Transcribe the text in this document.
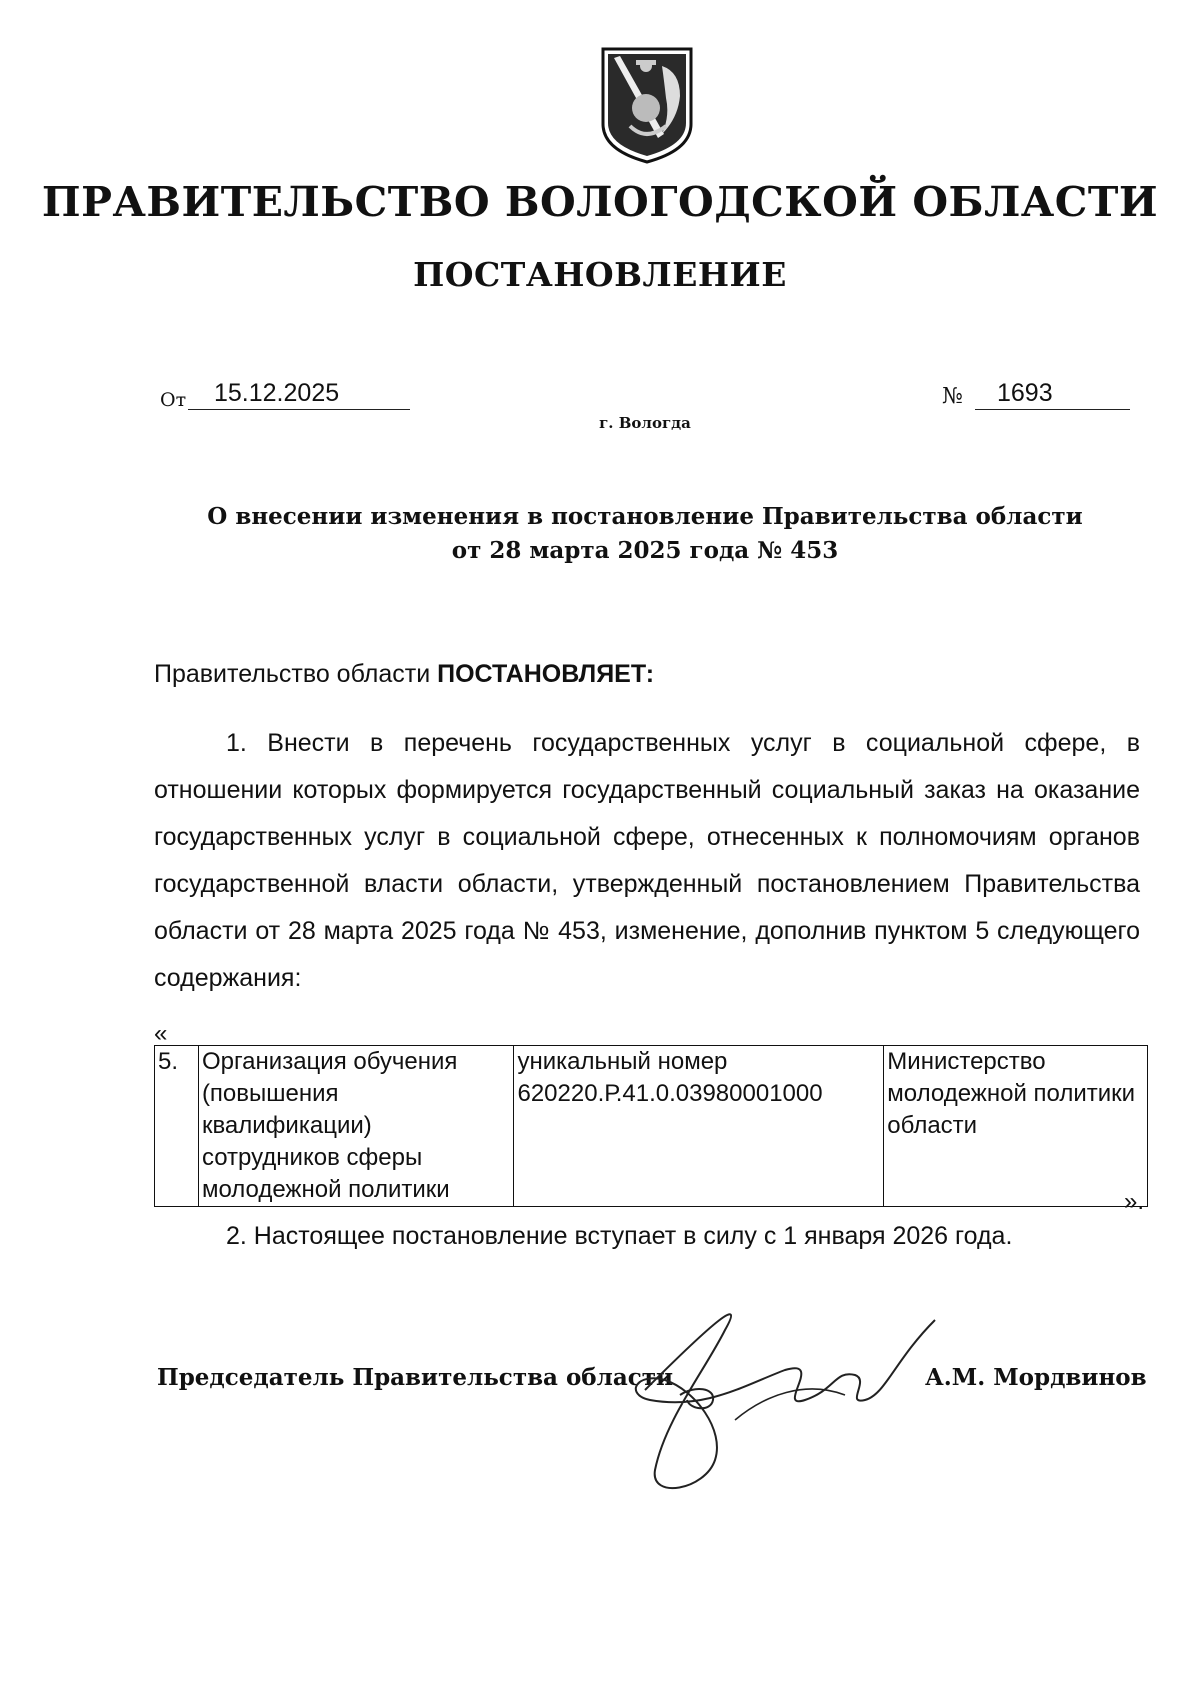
ПРАВИТЕЛЬСТВО ВОЛОГОДСКОЙ ОБЛАСТИ
ПОСТАНОВЛЕНИЕ
От	15.12.2025	№	1693
г. Вологда
О внесении изменения в постановление Правительства области
от 28 марта 2025 года № 453
Правительство области ПОСТАНОВЛЯЕТ:
1. Внести в перечень государственных услуг в социальной сфере, в отношении которых формируется государственный социальный заказ на оказание государственных услуг в социальной сфере, отнесенных к полномочиям органов государственной власти области, утвержденный постановлением Правительства области от 28 марта 2025 года № 453, изменение, дополнив пунктом 5 следующего содержания:
«
5.	Организация обучения (повышения квалификации) сотрудников сферы молодежной политики	уникальный номер 620220.Р.41.0.03980001000	Министерство молодежной политики области
».
2. Настоящее постановление вступает в силу с 1 января 2026 года.
Председатель Правительства области	А.М. Мордвинов
